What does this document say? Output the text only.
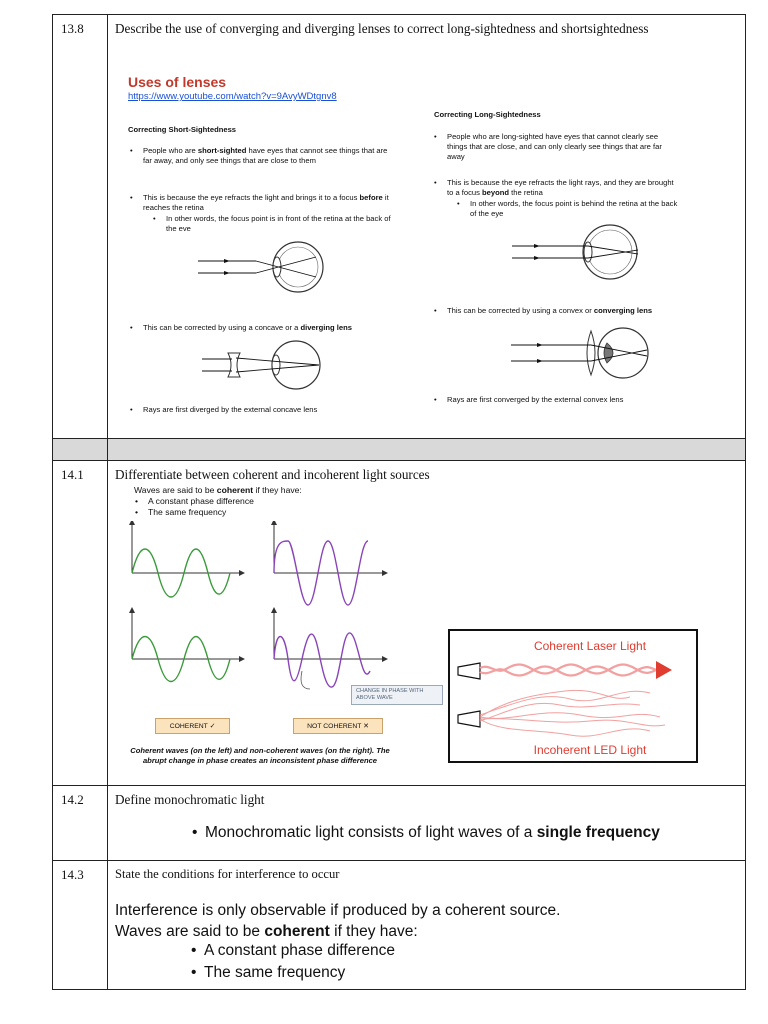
13.8	Describe the use of converging and diverging lenses to correct long-sightedness and shortsightedness
Uses of lenses
https://www.youtube.com/watch?v=9AvyWDtgnv8
Correcting Short-Sightedness
• People who are short-sighted have eyes that cannot see things that are far away, and only see things that are close to them
• This is because the eye refracts the light and brings it to a focus before it reaches the retina
• In other words, the focus point is in front of the retina at the back of the eve
• This can be corrected by using a concave or a diverging lens
• Rays are first diverged by the external concave lens
Correcting Long-Sightedness
• People who are long-sighted have eyes that cannot clearly see things that are close, and can only clearly see things that are far away
• This is because the eye refracts the light rays, and they are brought to a focus beyond the retina
• In other words, the focus point is behind the retina at the back of the eye
• This can be corrected by using a convex or converging lens
• Rays are first converged by the external convex lens
14.1	Differentiate between coherent and incoherent light sources
Waves are said to be coherent if they have:
• A constant phase difference
• The same frequency
CHANGE IN PHASE WITH ABOVE WAVE
COHERENT ✓	NOT COHERENT ✕
Coherent waves (on the left) and non-coherent waves (on the right). The abrupt change in phase creates an inconsistent phase difference
Coherent Laser Light
Incoherent LED Light
14.2	Define monochromatic light
• Monochromatic light consists of light waves of a single frequency
14.3	State the conditions for interference to occur
Interference is only observable if produced by a coherent source.
Waves are said to be coherent if they have:
• A constant phase difference
• The same frequency
